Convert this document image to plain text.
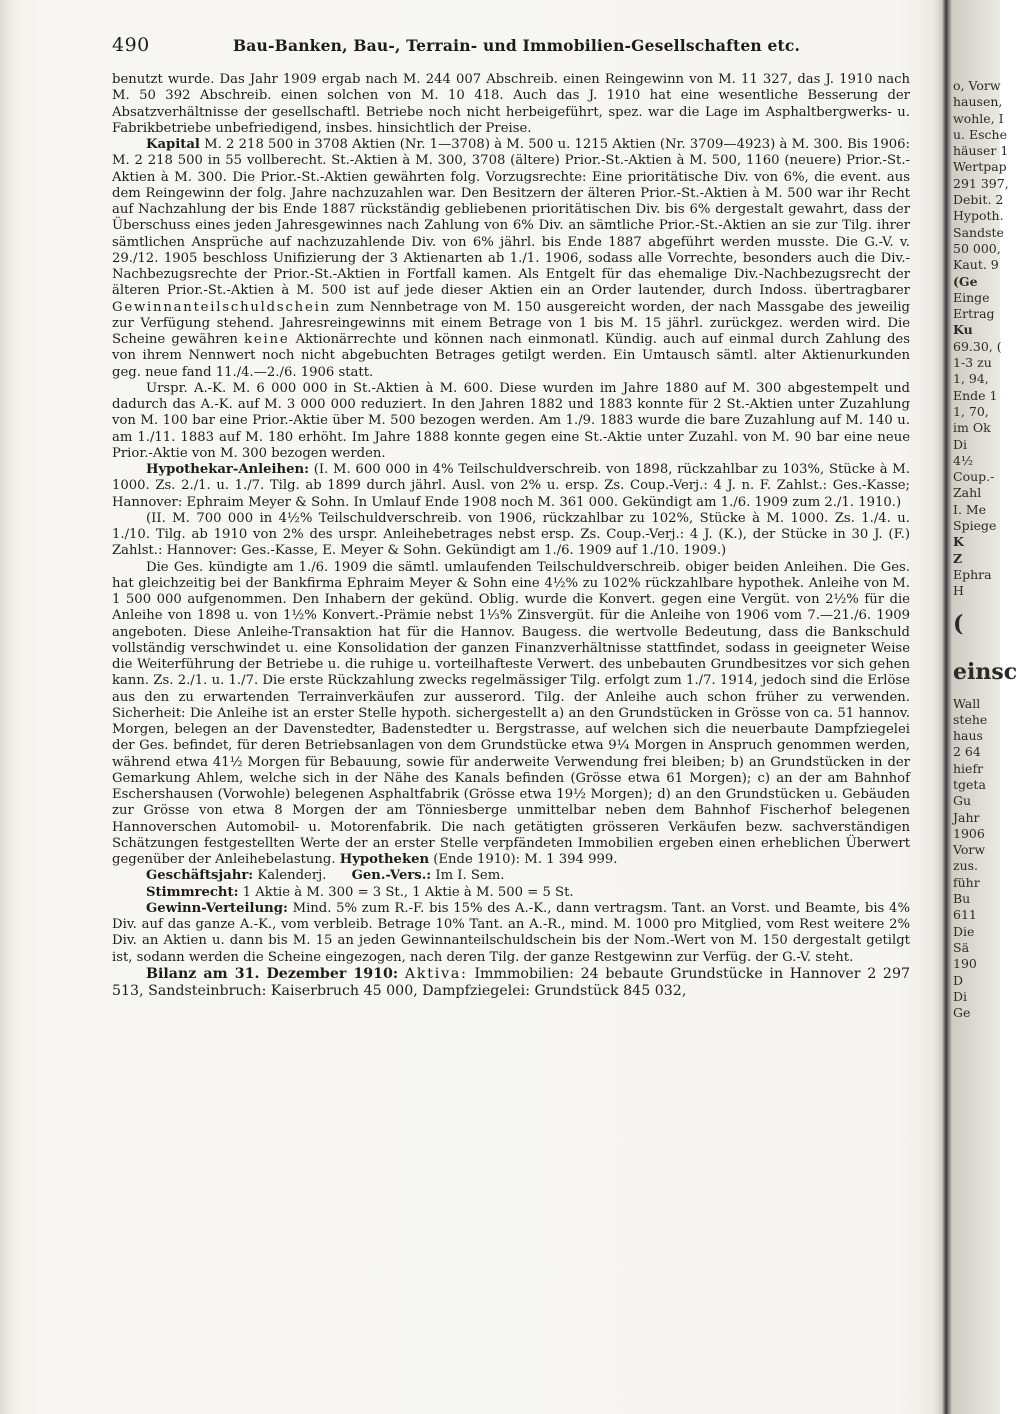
490	Bau-Banken, Bau-, Terrain- und Immobilien-Gesellschaften etc.

benutzt wurde. Das Jahr 1909 ergab nach M. 244 007 Abschreib. einen Reingewinn von M. 11 327, das J. 1910 nach M. 50 392 Abschreib. einen solchen von M. 10 418. Auch das J. 1910 hat eine wesentliche Besserung der Absatzverhältnisse der gesellschaftl. Betriebe noch nicht herbeigeführt, spez. war die Lage im Asphaltbergwerks- u. Fabrikbetriebe unbefriedigend, insbes. hinsichtlich der Preise.

Kapital M. 2 218 500 in 3708 Aktien (Nr. 1—3708) à M. 500 u. 1215 Aktien (Nr. 3709—4923) à M. 300. Bis 1906: M. 2 218 500 in 55 vollberecht. St.-Aktien à M. 300, 3708 (ältere) Prior.-St.-Aktien à M. 500, 1160 (neuere) Prior.-St.-Aktien à M. 300. Die Prior.-St.-Aktien gewährten folg. Vorzugsrechte: Eine prioritätische Div. von 6%, die event. aus dem Reingewinn der folg. Jahre nachzuzahlen war. Den Besitzern der älteren Prior.-St.-Aktien à M. 500 war ihr Recht auf Nachzahlung der bis Ende 1887 rückständig gebliebenen prioritätischen Div. bis 6% dergestalt gewahrt, dass der Überschuss eines jeden Jahresgewinnes nach Zahlung von 6% Div. an sämtliche Prior.-St.-Aktien an sie zur Tilg. ihrer sämtlichen Ansprüche auf nachzuzahlende Div. von 6% jährl. bis Ende 1887 abgeführt werden musste. Die G.-V. v. 29./12. 1905 beschloss Unifizierung der 3 Aktienarten ab 1./1. 1906, sodass alle Vorrechte, besonders auch die Div.-Nachbezugsrechte der Prior.-St.-Aktien in Fortfall kamen. Als Entgelt für das ehemalige Div.-Nachbezugsrecht der älteren Prior.-St.-Aktien à M. 500 ist auf jede dieser Aktien ein an Order lautender, durch Indoss. übertragbarer Gewinnanteilschuldschein zum Nennbetrage von M. 150 ausgereicht worden, der nach Massgabe des jeweilig zur Verfügung stehend. Jahresreingewinns mit einem Betrage von 1 bis M. 15 jährl. zurückgez. werden wird. Die Scheine gewähren keine Aktionärrechte und können nach einmonatl. Kündig. auch auf einmal durch Zahlung des von ihrem Nennwert noch nicht abgebuchten Betrages getilgt werden. Ein Umtausch sämtl. alter Aktienurkunden geg. neue fand 11./4.—2./6. 1906 statt.

Urspr. A.-K. M. 6 000 000 in St.-Aktien à M. 600. Diese wurden im Jahre 1880 auf M. 300 abgestempelt und dadurch das A.-K. auf M. 3 000 000 reduziert. In den Jahren 1882 und 1883 konnte für 2 St.-Aktien unter Zuzahlung von M. 100 bar eine Prior.-Aktie über M. 500 bezogen werden. Am 1./9. 1883 wurde die bare Zuzahlung auf M. 140 u. am 1./11. 1883 auf M. 180 erhöht. Im Jahre 1888 konnte gegen eine St.-Aktie unter Zuzahl. von M. 90 bar eine neue Prior.-Aktie von M. 300 bezogen werden.

Hypothekar-Anleihen: (I. M. 600 000 in 4% Teilschuldverschreib. von 1898, rückzahlbar zu 103%, Stücke à M. 1000. Zs. 2./1. u. 1./7. Tilg. ab 1899 durch jährl. Ausl. von 2% u. ersp. Zs. Coup.-Verj.: 4 J. n. F. Zahlst.: Ges.-Kasse; Hannover: Ephraim Meyer & Sohn. In Umlauf Ende 1908 noch M. 361 000. Gekündigt am 1./6. 1909 zum 2./1. 1910.)

(II. M. 700 000 in 4½% Teilschuldverschreib. von 1906, rückzahlbar zu 102%, Stücke à M. 1000. Zs. 1./4. u. 1./10. Tilg. ab 1910 von 2% des urspr. Anleihebetrages nebst ersp. Zs. Coup.-Verj.: 4 J. (K.), der Stücke in 30 J. (F.) Zahlst.: Hannover: Ges.-Kasse, E. Meyer & Sohn. Gekündigt am 1./6. 1909 auf 1./10. 1909.)

Die Ges. kündigte am 1./6. 1909 die sämtl. umlaufenden Teilschuldverschreib. obiger beiden Anleihen. Die Ges. hat gleichzeitig bei der Bankfirma Ephraim Meyer & Sohn eine 4½% zu 102% rückzahlbare hypothek. Anleihe von M. 1 500 000 aufgenommen. Den Inhabern der gekünd. Oblig. wurde die Konvert. gegen eine Vergüt. von 2½% für die Anleihe von 1898 u. von 1½% Konvert.-Prämie nebst 1⅓% Zinsvergüt. für die Anleihe von 1906 vom 7.—21./6. 1909 angeboten. Diese Anleihe-Transaktion hat für die Hannov. Baugess. die wertvolle Bedeutung, dass die Bankschuld vollständig verschwindet u. eine Konsolidation der ganzen Finanzverhältnisse stattfindet, sodass in geeigneter Weise die Weiterführung der Betriebe u. die ruhige u. vorteilhafteste Verwert. des unbebauten Grundbesitzes vor sich gehen kann. Zs. 2./1. u. 1./7. Die erste Rückzahlung zwecks regelmässiger Tilg. erfolgt zum 1./7. 1914, jedoch sind die Erlöse aus den zu erwartenden Terrainverkäufen zur ausserord. Tilg. der Anleihe auch schon früher zu verwenden. Sicherheit: Die Anleihe ist an erster Stelle hypoth. sichergestellt a) an den Grundstücken in Grösse von ca. 51 hannov. Morgen, belegen an der Davenstedter, Badenstedter u. Bergstrasse, auf welchen sich die neuerbaute Dampfziegelei der Ges. befindet, für deren Betriebsanlagen von dem Grundstücke etwa 9¼ Morgen in Anspruch genommen werden, während etwa 41½ Morgen für Bebauung, sowie für anderweite Verwendung frei bleiben; b) an Grundstücken in der Gemarkung Ahlem, welche sich in der Nähe des Kanals befinden (Grösse etwa 61 Morgen); c) an der am Bahnhof Eschershausen (Vorwohle) belegenen Asphaltfabrik (Grösse etwa 19½ Morgen); d) an den Grundstücken u. Gebäuden zur Grösse von etwa 8 Morgen der am Tönniesberge unmittelbar neben dem Bahnhof Fischerhof belegenen Hannoverschen Automobil- u. Motorenfabrik. Die nach getätigten grösseren Verkäufen bezw. sachverständigen Schätzungen festgestellten Werte der an erster Stelle verpfändeten Immobilien ergeben einen erheblichen Überwert gegenüber der Anleihebelastung. Hypotheken (Ende 1910): M. 1 394 999.

Geschäftsjahr: Kalenderj. Gen.-Vers.: Im I. Sem.

Stimmrecht: 1 Aktie à M. 300 = 3 St., 1 Aktie à M. 500 = 5 St.

Gewinn-Verteilung: Mind. 5% zum R.-F. bis 15% des A.-K., dann vertragsm. Tant. an Vorst. und Beamte, bis 4% Div. auf das ganze A.-K., vom verbleib. Betrage 10% Tant. an A.-R., mind. M. 1000 pro Mitglied, vom Rest weitere 2% Div. an Aktien u. dann bis M. 15 an jeden Gewinnanteilschuldschein bis der Nom.-Wert von M. 150 dergestalt getilgt ist, sodann werden die Scheine eingezogen, nach deren Tilg. der ganze Restgewinn zur Verfüg. der G.-V. steht.

Bilanz am 31. Dezember 1910: Aktiva: Immmobilien: 24 bebaute Grundstücke in Hannover 2 297 513, Sandsteinbruch: Kaiserbruch 45 000, Dampfziegelei: Grundstück 845 032,

o, Vorw
hausen,
wohle, I
u. Esche
häuser 1
Wertpap
291 397,
Debit. 2
Hypoth.
Sandste
50 000,
Kaut. 9
(Ge
Einge
Ertrag
Ku
69.30, (
1-3 zu
1, 94,
Ende 1
1, 70,
im Ok
Di
4½
Coup.-
Zahl
I. Me
Spiege
K
Z
Ephra
H
(
einsc
Wall
stehe
haus
2 64
hiefr
tgeta
Gu
Jahr
1906
Vorw
zus.
führ
Bu
611
Die
Sä
190
D
Di
Ge
